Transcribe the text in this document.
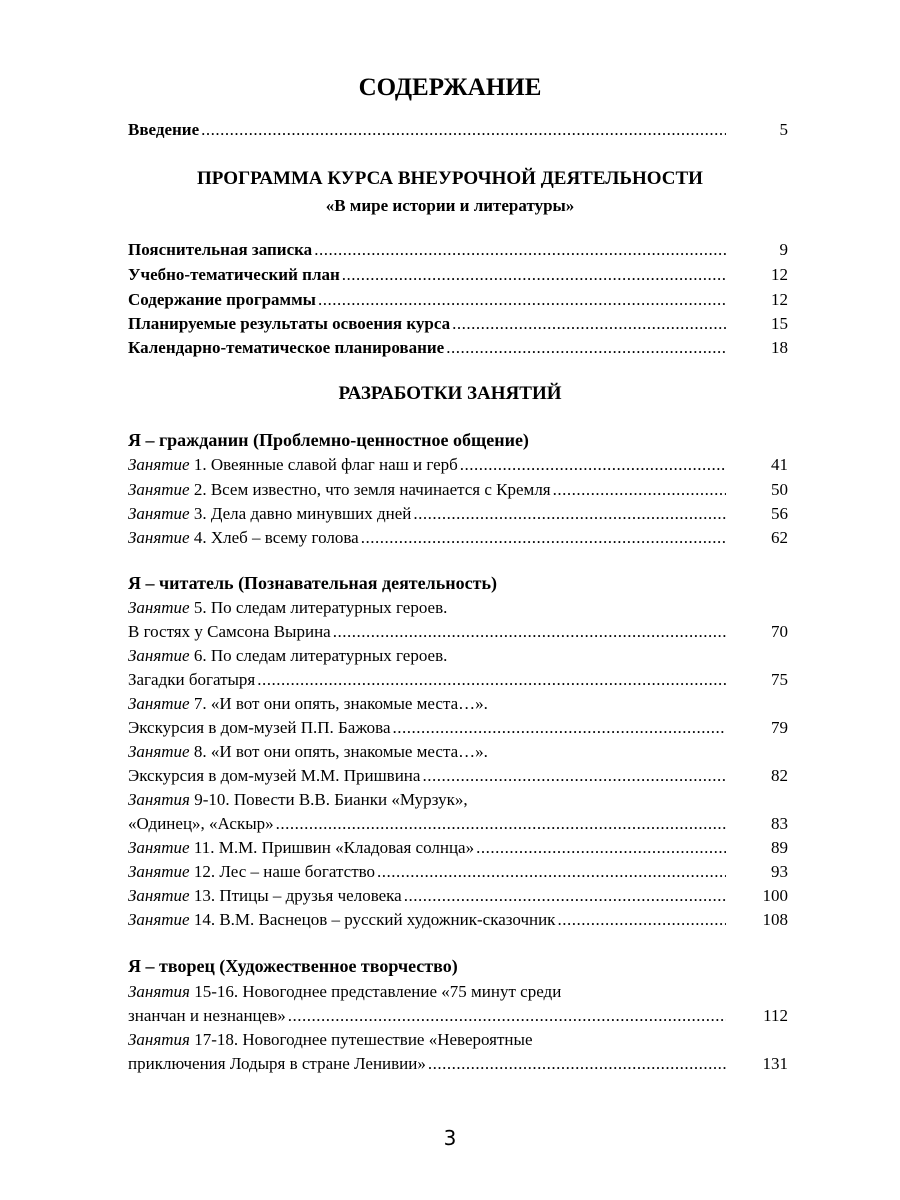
СОДЕРЖАНИЕ
Введение .....	5
ПРОГРАММА КУРСА ВНЕУРОЧНОЙ ДЕЯТЕЛЬНОСТИ
«В мире истории и литературы»
Пояснительная записка .....	9
Учебно-тематический план .....	12
Содержание программы .....	12
Планируемые результаты освоения курса .....	15
Календарно-тематическое планирование .....	18
РАЗРАБОТКИ ЗАНЯТИЙ
Я – гражданин (Проблемно-ценностное общение)
Занятие 1. Овеянные славой флаг наш и герб .....	41
Занятие 2. Всем известно, что земля начинается с Кремля .....	50
Занятие 3. Дела давно минувших дней .....	56
Занятие 4. Хлеб – всему голова .....	62
Я – читатель (Познавательная деятельность)
Занятие 5. По следам литературных героев.
В гостях у Самсона Вырина .....	70
Занятие 6. По следам литературных героев.
Загадки богатыря .....	75
Занятие 7. «И вот они опять, знакомые места…».
Экскурсия в дом-музей П.П. Бажова .....	79
Занятие 8. «И вот они опять, знакомые места…».
Экскурсия в дом-музей М.М. Пришвина .....	82
Занятия 9-10. Повести В.В. Бианки «Мурзук»,
«Одинец», «Аскыр» .....	83
Занятие 11. М.М. Пришвин «Кладовая солнца» .....	89
Занятие 12. Лес – наше богатство .....	93
Занятие 13. Птицы – друзья человека .....	100
Занятие 14. В.М. Васнецов – русский художник-сказочник .....	108
Я – творец (Художественное творчество)
Занятия 15-16. Новогоднее представление «75 минут среди
знанчан и незнанцев» .....	112
Занятия 17-18. Новогоднее путешествие «Невероятные
приключения Лодыря в стране Ленивии» .....	131
3
